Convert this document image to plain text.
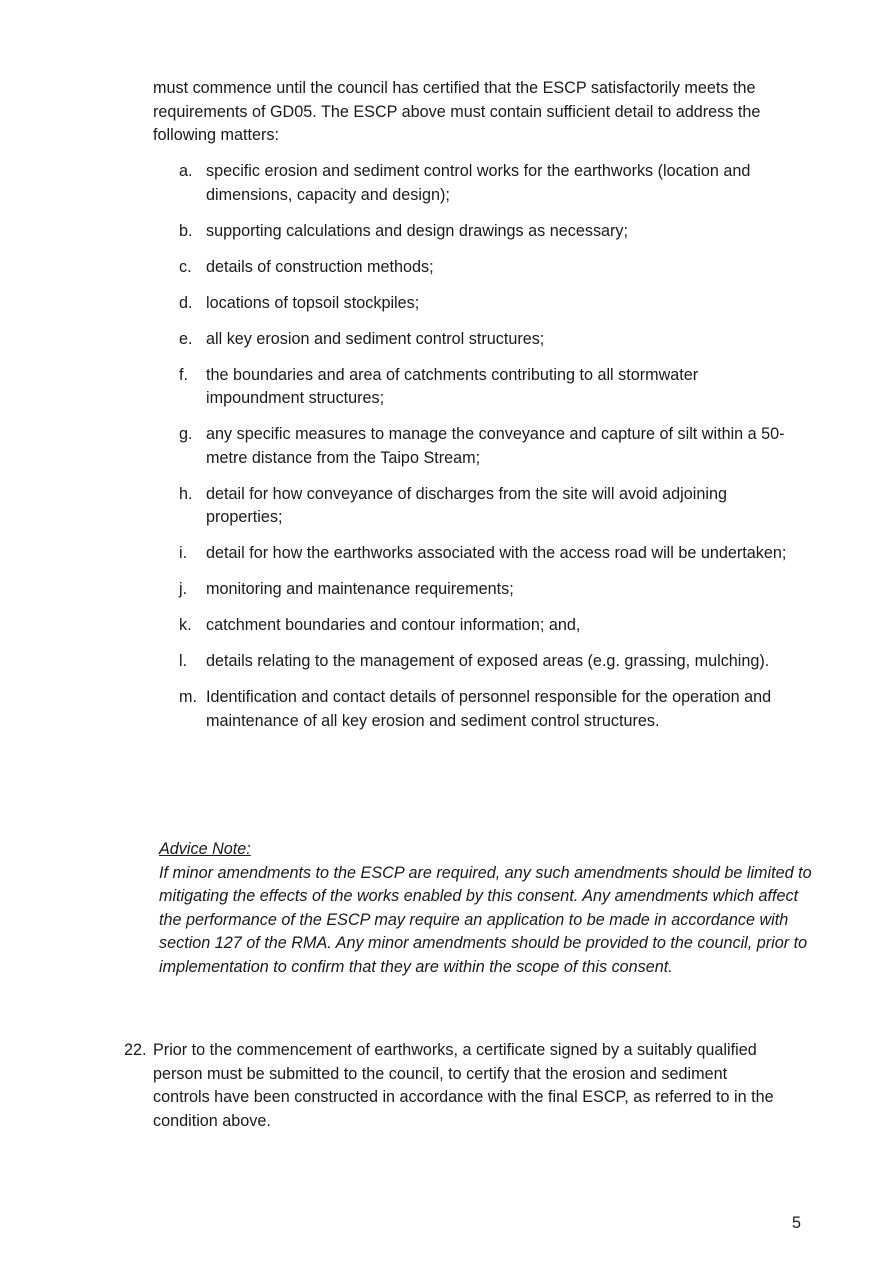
must commence until the council has certified that the ESCP satisfactorily meets the requirements of GD05. The ESCP above must contain sufficient detail to address the following matters:

a. specific erosion and sediment control works for the earthworks (location and dimensions, capacity and design);
b. supporting calculations and design drawings as necessary;
c. details of construction methods;
d. locations of topsoil stockpiles;
e. all key erosion and sediment control structures;
f.	the boundaries and area of catchments contributing to all stormwater impoundment structures;
g. any specific measures to manage the conveyance and capture of silt within a 50-metre distance from the Taipo Stream;
h. detail for how conveyance of discharges from the site will avoid adjoining properties;
i.	detail for how the earthworks associated with the access road will be undertaken;
j.	monitoring and maintenance requirements;
k. catchment boundaries and contour information; and,
l.	details relating to the management of exposed areas (e.g. grassing, mulching).
m. Identification and contact details of personnel responsible for the operation and maintenance of all key erosion and sediment control structures.

Advice Note:

If minor amendments to the ESCP are required, any such amendments should be limited to mitigating the effects of the works enabled by this consent. Any amendments which affect the performance of the ESCP may require an application to be made in accordance with section 127 of the RMA. Any minor amendments should be provided to the council, prior to implementation to confirm that they are within the scope of this consent.

22. Prior to the commencement of earthworks, a certificate signed by a suitably qualified person must be submitted to the council, to certify that the erosion and sediment controls have been constructed in accordance with the final ESCP, as referred to in the condition above.

5
